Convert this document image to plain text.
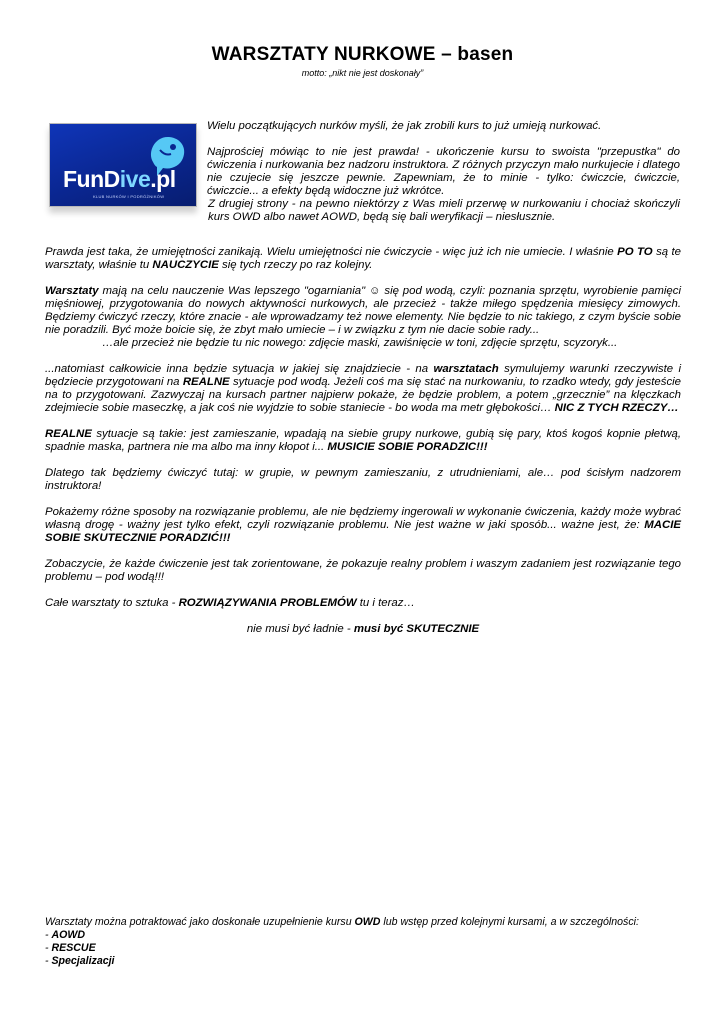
WARSZTATY NURKOWE – basen
motto: „nikt nie jest doskonały”
FunDive.pl
KLUB NURKÓW I PODRÓŻNIKÓW

Wielu początkujących nurków myśli, że jak zrobili kurs to już umieją nurkować.

Najprościej mówiąc to nie jest prawda! - ukończenie kursu to swoista "przepustka" do ćwiczenia i nurkowania bez nadzoru instruktora. Z różnych przyczyn mało nurkujecie i dlatego nie czujecie się jeszcze pewnie. Zapewniam, że to minie - tylko: ćwiczcie, ćwiczcie, ćwiczcie... a efekty będą widoczne już wkrótce.

Z drugiej strony - na pewno niektórzy z Was mieli przerwę w nurkowaniu i chociaż skończyli kurs OWD albo nawet AOWD, będą się bali weryfikacji – niesłusznie.

Prawda jest taka, że umiejętności zanikają. Wielu umiejętności nie ćwiczycie - więc już ich nie umiecie. I właśnie PO TO są te warsztaty, właśnie tu NAUCZYCIE się tych rzeczy po raz kolejny.

Warsztaty mają na celu nauczenie Was lepszego "ogarniania" ☺ się pod wodą, czyli: poznania sprzętu, wyrobienie pamięci mięśniowej, przygotowania do nowych aktywności nurkowych, ale przecież - także miłego spędzenia miesięcy zimowych. Będziemy ćwiczyć rzeczy, które znacie - ale wprowadzamy też nowe elementy. Nie będzie to nic takiego, z czym byście sobie nie poradzili. Być może boicie się, że zbyt mało umiecie – i w związku z tym nie dacie sobie rady...

…ale przecież nie będzie tu nic nowego: zdjęcie maski, zawiśnięcie w toni, zdjęcie sprzętu, scyzoryk...

...natomiast całkowicie inna będzie sytuacja w jakiej się znajdziecie - na warsztatach symulujemy warunki rzeczywiste i będziecie przygotowani na REALNE sytuacje pod wodą. Jeżeli coś ma się stać na nurkowaniu, to rzadko wtedy, gdy jesteście na to przygotowani. Zazwyczaj na kursach partner najpierw pokaże, że będzie problem, a potem „grzecznie” na klęczkach zdejmiecie sobie maseczkę, a jak coś nie wyjdzie to sobie staniecie - bo woda ma metr głębokości… NIC Z TYCH RZECZY…

REALNE sytuacje są takie: jest zamieszanie, wpadają na siebie grupy nurkowe, gubią się pary, ktoś kogoś kopnie płetwą, spadnie maska, partnera nie ma albo ma inny kłopot i... MUSICIE SOBIE PORADZIC!!!

Dlatego tak będziemy ćwiczyć tutaj: w grupie, w pewnym zamieszaniu, z utrudnieniami, ale… pod ścisłym nadzorem instruktora!

Pokażemy różne sposoby na rozwiązanie problemu, ale nie będziemy ingerowali w wykonanie ćwiczenia, każdy może wybrać własną drogę - ważny jest tylko efekt, czyli rozwiązanie problemu. Nie jest ważne w jaki sposób... ważne jest, że: MACIE SOBIE SKUTECZNIE PORADZIĆ!!!

Zobaczycie, że każde ćwiczenie jest tak zorientowane, że pokazuje realny problem i waszym zadaniem jest rozwiązanie tego problemu – pod wodą!!!

Całe warsztaty to sztuka - ROZWIĄZYWANIA PROBLEMÓW tu i teraz…

nie musi być ładnie - musi być SKUTECZNIE

Warsztaty można potraktować jako doskonałe uzupełnienie kursu OWD lub wstęp przed kolejnymi kursami, a w szczególności:
- AOWD
- RESCUE
- Specjalizacji
